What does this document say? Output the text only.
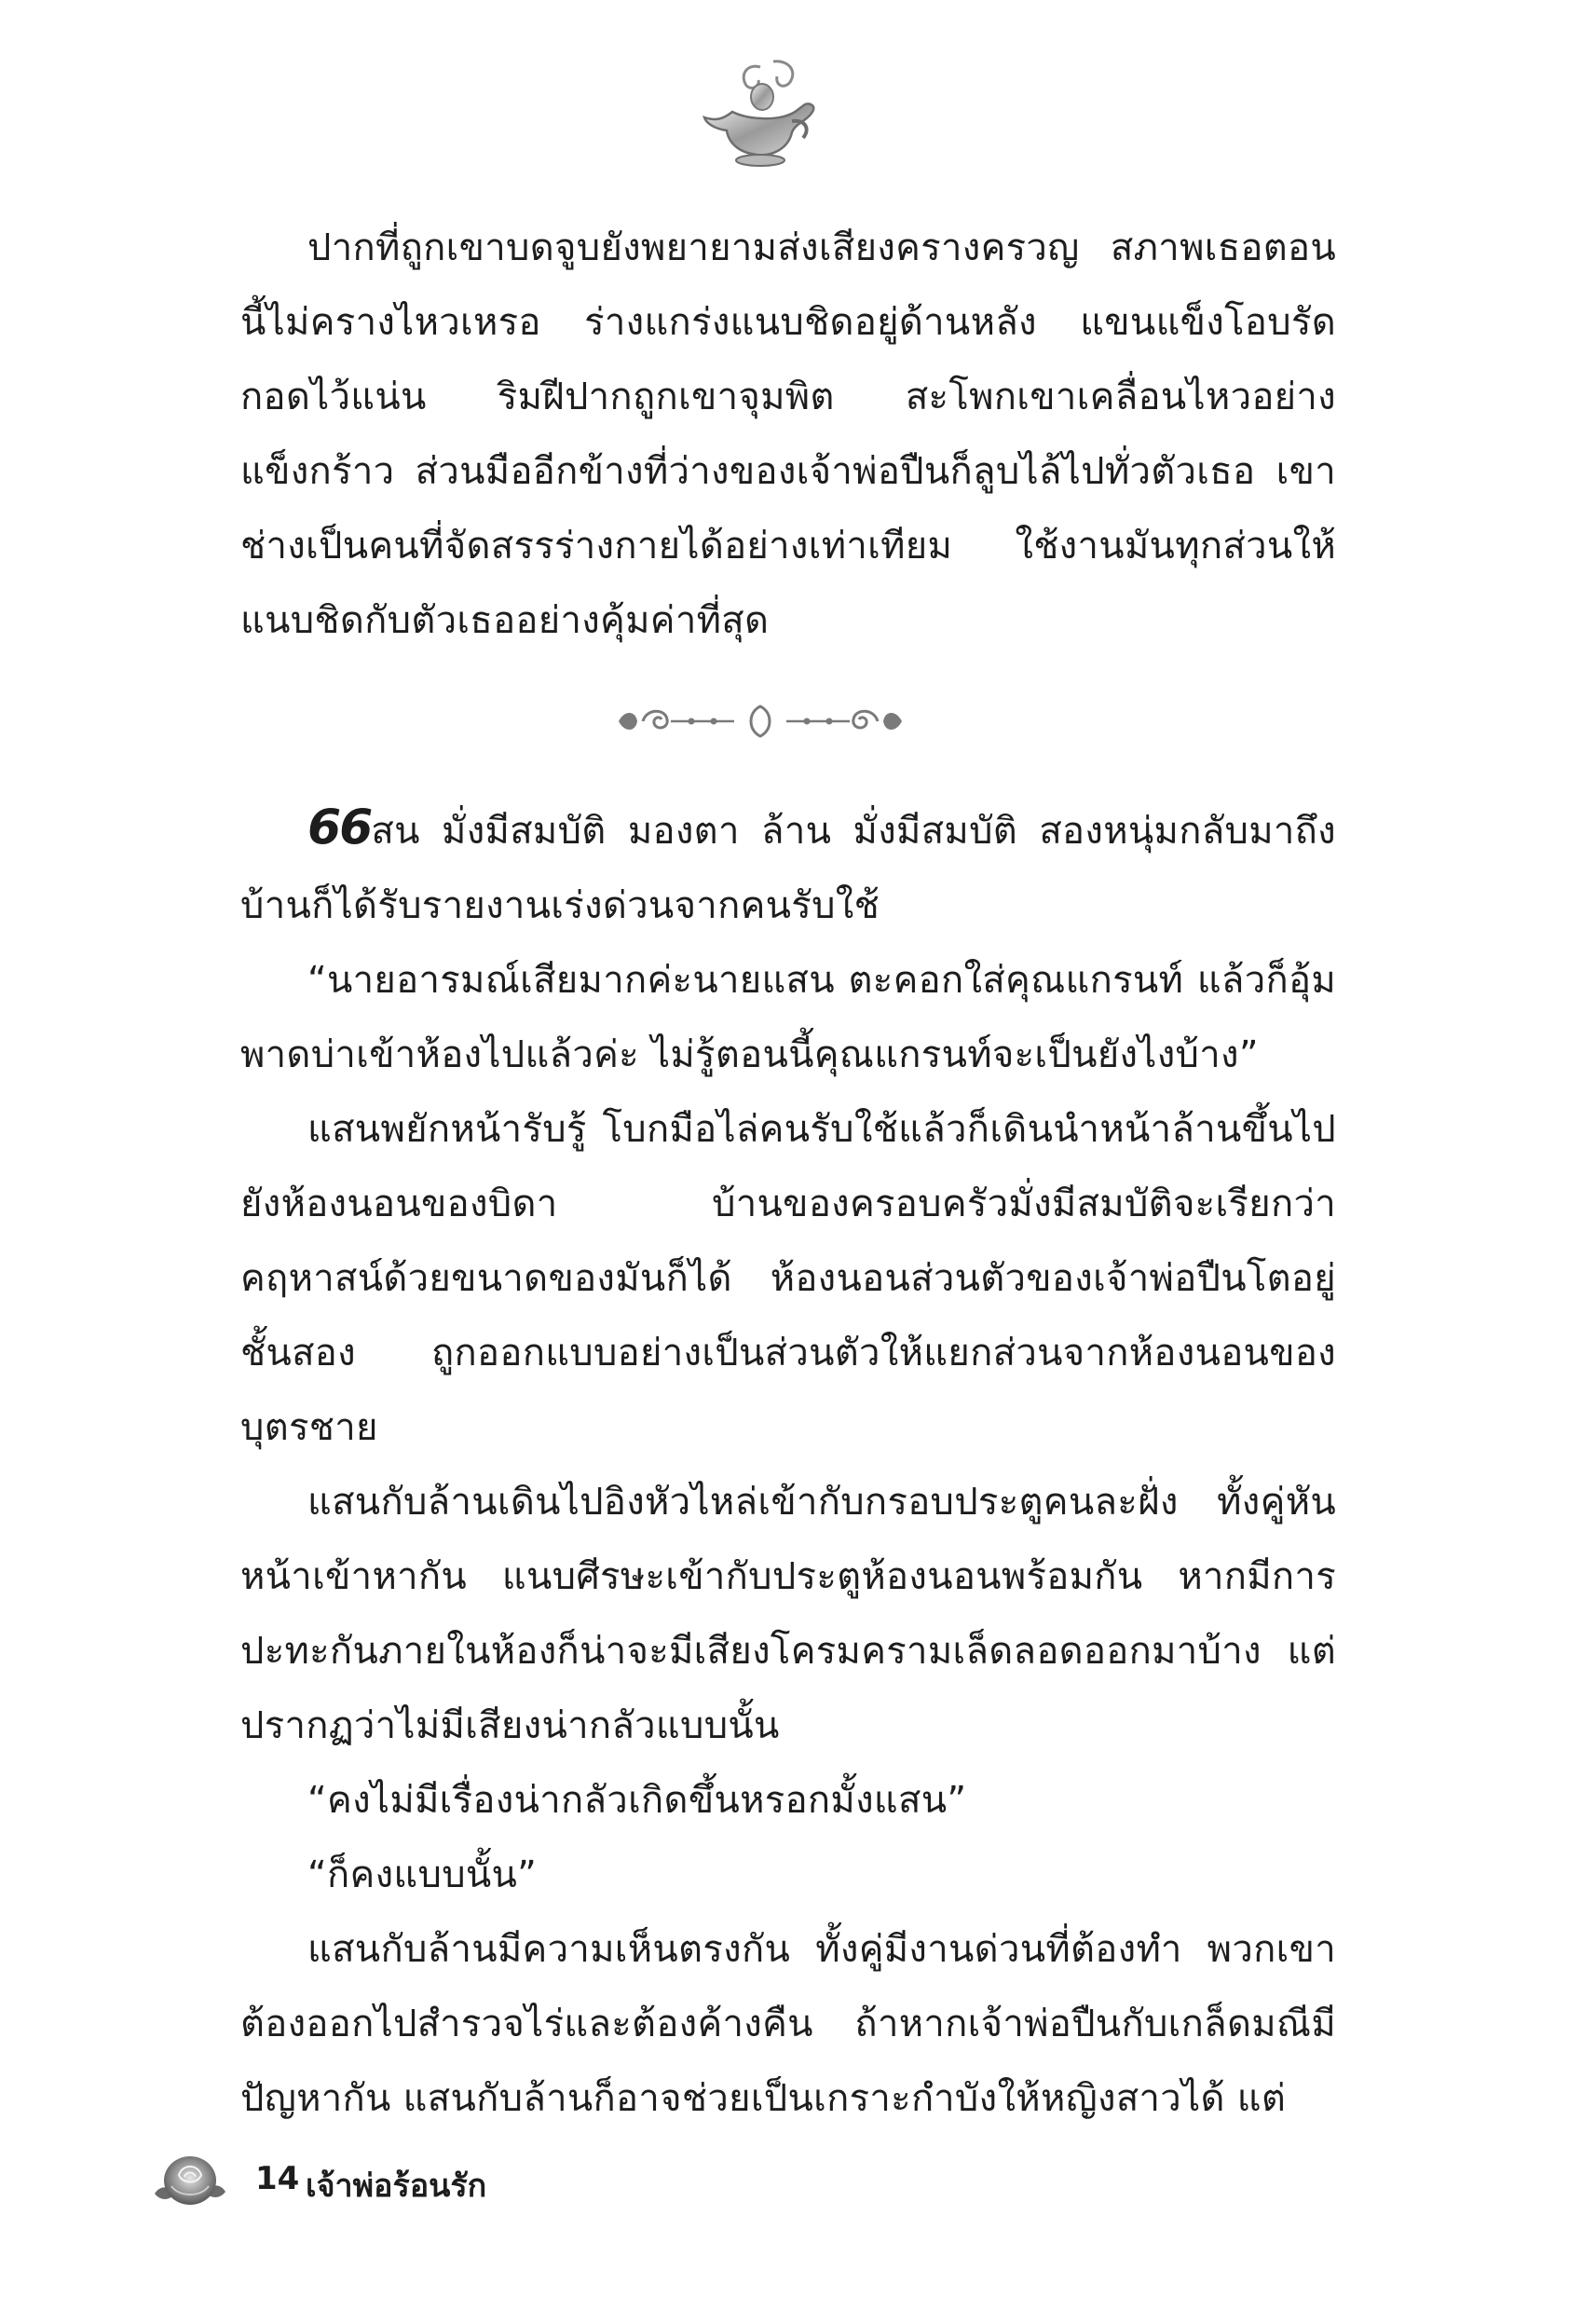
ปากที่ถูกเขาบดจูบยังพยายามส่งเสียงครางครวญ สภาพเธอตอนนี้ไม่ครางไหวเหรอ ร่างแกร่งแนบชิดอยู่ด้านหลัง แขนแข็งโอบรัดกอดไว้แน่น ริมฝีปากถูกเขาจุมพิต สะโพกเขาเคลื่อนไหวอย่างแข็งกร้าว ส่วนมืออีกข้างที่ว่างของเจ้าพ่อปืนก็ลูบไล้ไปทั่วตัวเธอ เขาช่างเป็นคนที่จัดสรรร่างกายได้อย่างเท่าเทียม ใช้งานมันทุกส่วนให้แนบชิดกับตัวเธออย่างคุ้มค่าที่สุด

66สน มั่งมีสมบัติ มองตา ล้าน มั่งมีสมบัติ สองหนุ่มกลับมาถึงบ้านก็ได้รับรายงานเร่งด่วนจากคนรับใช้

“นายอารมณ์เสียมากค่ะนายแสน ตะคอกใส่คุณแกรนท์ แล้วก็อุ้มพาดบ่าเข้าห้องไปแล้วค่ะ ไม่รู้ตอนนี้คุณแกรนท์จะเป็นยังไงบ้าง”

แสนพยักหน้ารับรู้ โบกมือไล่คนรับใช้แล้วก็เดินนำหน้าล้านขึ้นไปยังห้องนอนของบิดา บ้านของครอบครัวมั่งมีสมบัติจะเรียกว่าคฤหาสน์ด้วยขนาดของมันก็ได้ ห้องนอนส่วนตัวของเจ้าพ่อปืนโตอยู่ชั้นสอง ถูกออกแบบอย่างเป็นส่วนตัวให้แยกส่วนจากห้องนอนของบุตรชาย

แสนกับล้านเดินไปอิงหัวไหล่เข้ากับกรอบประตูคนละฝั่ง ทั้งคู่หันหน้าเข้าหากัน แนบศีรษะเข้ากับประตูห้องนอนพร้อมกัน หากมีการปะทะกันภายในห้องก็น่าจะมีเสียงโครมครามเล็ดลอดออกมาบ้าง แต่ปรากฏว่าไม่มีเสียงน่ากลัวแบบนั้น

“คงไม่มีเรื่องน่ากลัวเกิดขึ้นหรอกมั้งแสน”

“ก็คงแบบนั้น”

แสนกับล้านมีความเห็นตรงกัน ทั้งคู่มีงานด่วนที่ต้องทำ พวกเขาต้องออกไปสำรวจไร่และต้องค้างคืน ถ้าหากเจ้าพ่อปืนกับเกล็ดมณีมีปัญหากัน แสนกับล้านก็อาจช่วยเป็นเกราะกำบังให้หญิงสาวได้ แต่

14 เจ้าพ่อร้อนรัก
